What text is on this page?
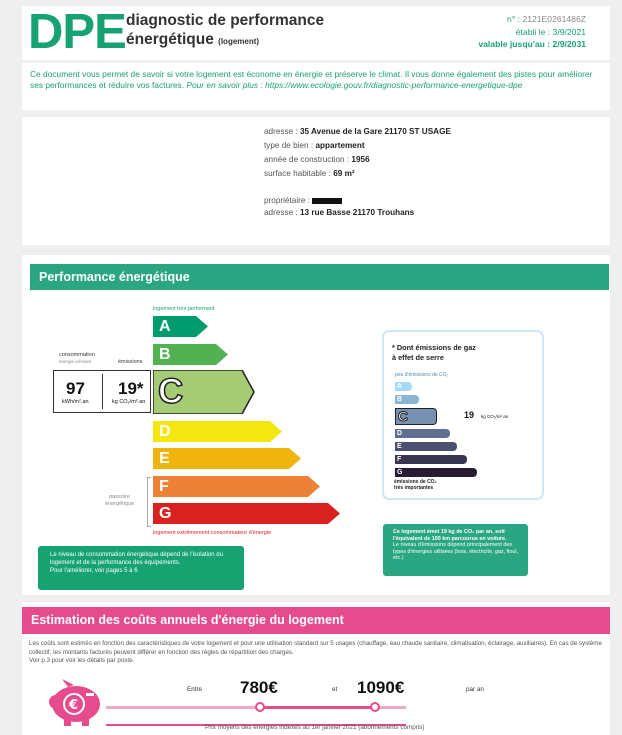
DPE diagnostic de performance
énergétique (logement)
n° : 2121E0261486Z
établi le : 3/9/2021
valable jusqu'au : 2/9/2031
Ce document vous permet de savoir si votre logement est économe en énergie et préserve le climat. Il vous donne également des pistes pour améliorer ses performances et réduire vos factures. Pour en savoir plus : https://www.ecologie.gouv.fr/diagnostic-performance-energetique-dpe
adresse : 35 Avenue de la Gare 21170 ST USAGE
type de bien : appartement
année de construction : 1956
surface habitable : 69 m²
propriétaire :
adresse : 13 rue Basse 21170 Trouhans
Performance énergétique
logement très performant
A
B
C
D
E
F
G
consommation
énergie primaire	émissions
97
kWh/m².an
19*
kg CO₂/m².an
passoire
énergétique
logement extrêmement consommateur d'énergie
Le niveau de consommation énergétique dépend de l'isolation du logement et de la performance des équipements.
Pour l'améliorer, voir pages 5 à 6
* Dont émissions de gaz
à effet de serre
peu d'émissions de CO₂
A
B
C
D
E
F
G
19 kg CO₂/m².an
émissions de CO₂
très importantes
Ce logement émet 19 kg de CO₂ par an, soit l'équivalent de 100 km parcourus en voiture.
Le niveau d'émissions dépend principalement des types d'énergies utilisées (bois, électricité, gaz, fioul, etc.)
Estimation des coûts annuels d'énergie du logement
Les coûts sont estimés en fonction des caractéristiques de votre logement et pour une utilisation standard sur 5 usages (chauffage, eau chaude sanitaire, climatisation, éclairage, auxiliaires). En cas de système collectif, les montants facturés peuvent différer en fonction des règles de répartition des charges.
Voir p.3 pour voir les détails par poste.
€
Entre 780€	et 1090€	par an
Prix moyens des énergies indexés au 1er janvier 2021 (abonnements compris)
